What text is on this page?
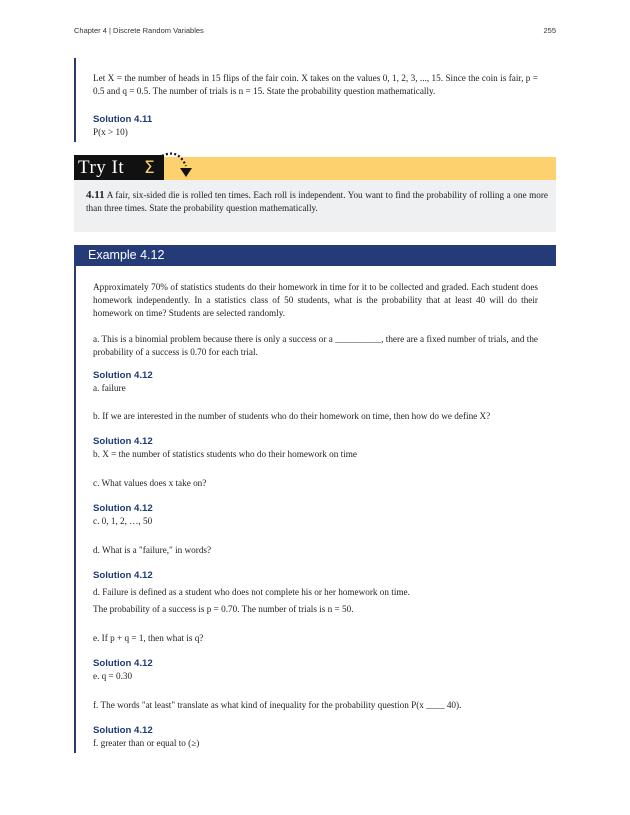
Chapter 4 | Discrete Random Variables	255

Let X = the number of heads in 15 flips of the fair coin. X takes on the values 0, 1, 2, 3, ..., 15. Since the coin is fair, p = 0.5 and q = 0.5. The number of trials is n = 15. State the probability question mathematically.

Solution 4.11

P(x > 10)

Try It Σ

4.11 A fair, six-sided die is rolled ten times. Each roll is independent. You want to find the probability of rolling a one more than three times. State the probability question mathematically.

Example 4.12

Approximately 70% of statistics students do their homework in time for it to be collected and graded. Each student does homework independently. In a statistics class of 50 students, what is the probability that at least 40 will do their homework on time? Students are selected randomly.

a. This is a binomial problem because there is only a success or a __________, there are a fixed number of trials, and the probability of a success is 0.70 for each trial.

Solution 4.12

a. failure

b. If we are interested in the number of students who do their homework on time, then how do we define X?

Solution 4.12

b. X = the number of statistics students who do their homework on time

c. What values does x take on?

Solution 4.12

c. 0, 1, 2, …, 50

d. What is a "failure," in words?

Solution 4.12

d. Failure is defined as a student who does not complete his or her homework on time.

The probability of a success is p = 0.70. The number of trials is n = 50.

e. If p + q = 1, then what is q?

Solution 4.12

e. q = 0.30

f. The words "at least" translate as what kind of inequality for the probability question P(x ____ 40).

Solution 4.12

f. greater than or equal to (≥)
